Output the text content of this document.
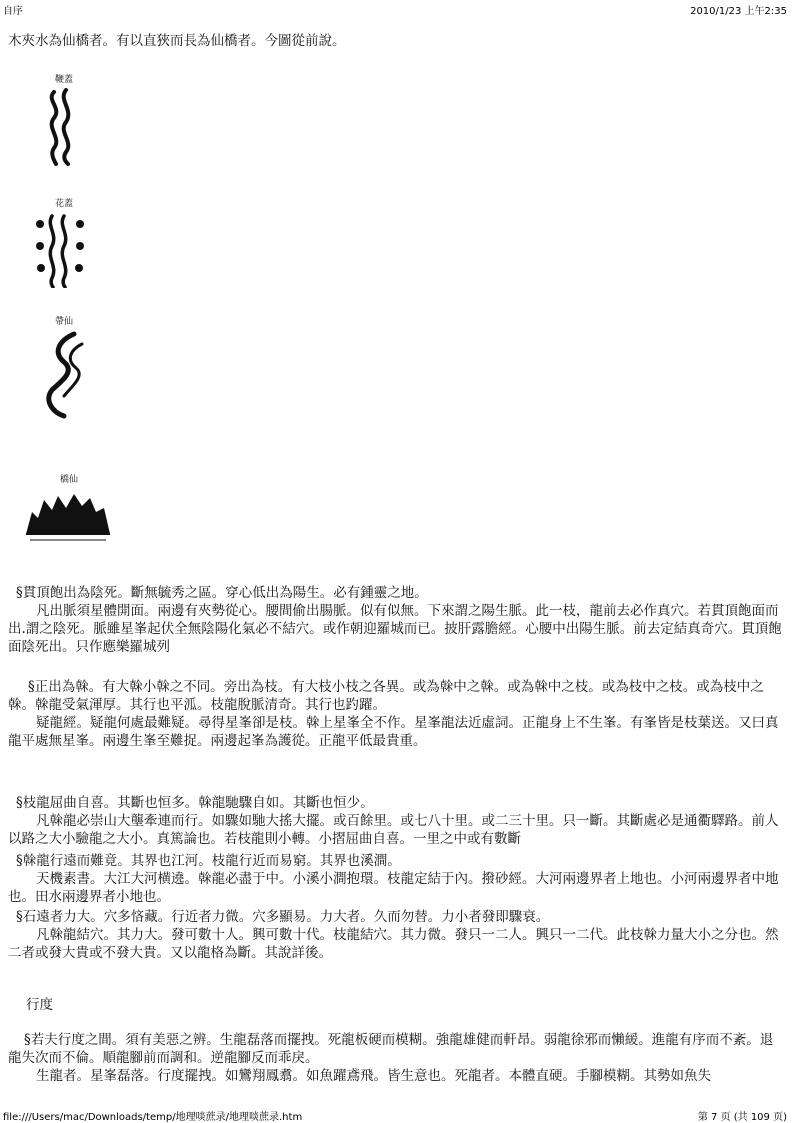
自序	2010/1/23 上午2:35

木夾水為仙橋者。有以直狹而長為仙橋者。今圖從前說。

鞭蓋
花蓋
帶仙
橋仙

§貫頂飽出為陰死。斷無毓秀之區。穿心低出為陽生。必有鍾靈之地。

凡出脈須星體開面。兩邊有夾勢從心。腰間偷出腸脈。似有似無。下來謂之陽生脈。此一枝，龍前去必作真穴。若貫頂飽面而出.謂之陰死。脈雖星峯起伏全無陰陽化氣必不結穴。或作朝迎羅城而已。披肝露膽經。心腰中出陽生脈。前去定結真奇穴。貫頂飽面陰死出。只作應樂羅城列

§正出為榦。有大榦小榦之不同。旁出為枝。有大枝小枝之各異。或為榦中之榦。或為榦中之枝。或為枝中之枝。或為枝中之榦。榦龍受氣渾厚。其行也平泒。枝龍脫脈清奇。其行也趵躍。

疑龍經。疑龍何處最難疑。尋得星峯卻是枝。榦上星峯全不作。星峯龍法近虛詞。正龍身上不生峯。有峯皆是枝葉送。又曰真龍平處無星峯。兩邊生峯至難捉。兩邊起峯為護從。正龍平低最貴重。

§枝龍屈曲自喜。其斷也恒多。榦龍馳驟自如。其斷也恒少。

凡榦龍必崇山大壟牽連而行。如驟如馳大搖大擺。或百餘里。或七八十里。或二三十里。只一斷。其斷處必是通衢驛路。前人以路之大小驗龍之大小。真篤論也。若枝龍則小轉。小摺屈曲自喜。一里之中或有數斷

§榦龍行遠而難竟。其界也江河。枝龍行近而易窮。其界也溪澗。

天機素書。大江大河横遶。榦龍必盡于中。小溪小澗抱環。枝龍定結于內。撥砂經。大河兩邊界者上地也。小河兩邊界者中地也。田水兩邊界者小地也。

§石遠者力大。穴多悋藏。行近者力微。穴多顯易。力大者。久而勿替。力小者發即驟衰。

凡榦龍結穴。其力大。發可數十人。興可數十代。枝龍結穴。其力微。發只一二人。興只一二代。此枝榦力量大小之分也。然二者或發大貴或不發大貴。又以龍格為斷。其說詳後。

行度

§若夫行度之間。須有美惡之辨。生龍磊落而擺拽。死龍板硬而模糊。強龍雄健而軒昂。弱龍徐邪而懶緩。進龍有序而不紊。退龍失次而不倫。順龍腳前而調和。逆龍腳反而乖戾。

生龍者。星峯磊落。行度擺拽。如鸞翔鳳翥。如魚躍鳶飛。皆生意也。死龍者。本體直硬。手腳模糊。其勢如魚失

file:///Users/mac/Downloads/temp/地理啖蔗录/地理啖蔗录.htm	第 7 页 (共 109 页)
